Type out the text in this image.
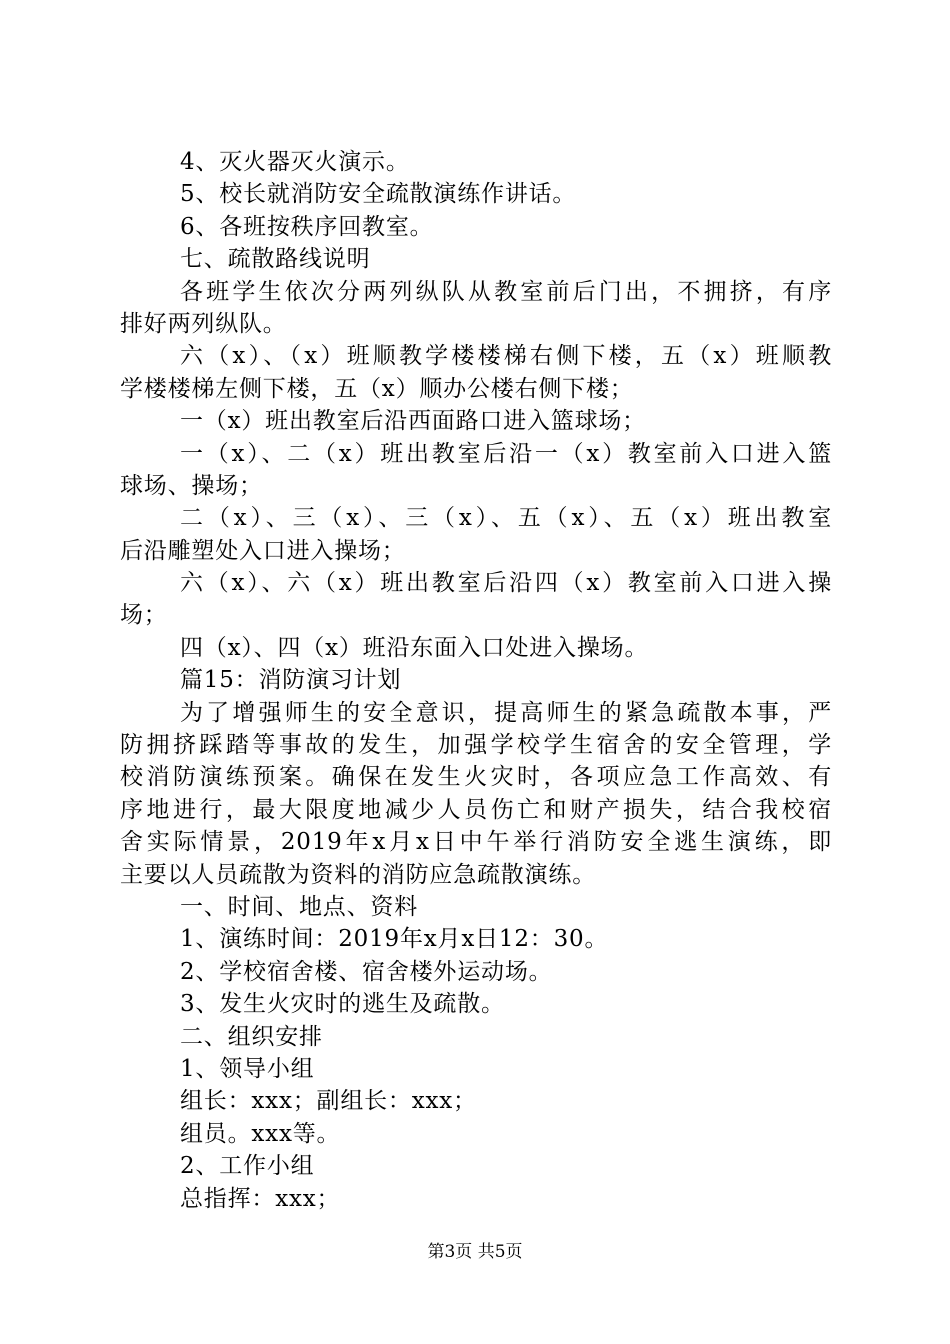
4、灭火器灭火演示。
5、校长就消防安全疏散演练作讲话。
6、各班按秩序回教室。
七、疏散路线说明
各班学生依次分两列纵队从教室前后门出，不拥挤，有序
排好两列纵队。
六（x）、（x）班顺教学楼楼梯右侧下楼，五（x）班顺教
学楼楼梯左侧下楼，五（x）顺办公楼右侧下楼；
一（x）班出教室后沿西面路口进入篮球场；
一（x）、二（x）班出教室后沿一（x）教室前入口进入篮
球场、操场；
二（x）、三（x）、三（x）、五（x）、五（x）班出教室
后沿雕塑处入口进入操场；
六（x）、六（x）班出教室后沿四（x）教室前入口进入操
场；
四（x）、四（x）班沿东面入口处进入操场。
篇15：消防演习计划
为了增强师生的安全意识，提高师生的紧急疏散本事，严
防拥挤踩踏等事故的发生，加强学校学生宿舍的安全管理，学
校消防演练预案。确保在发生火灾时，各项应急工作高效、有
序地进行，最大限度地减少人员伤亡和财产损失，结合我校宿
舍实际情景，2019年x月x日中午举行消防安全逃生演练，即
主要以人员疏散为资料的消防应急疏散演练。
一、时间、地点、资料
1、演练时间：2019年x月x日12：30。
2、学校宿舍楼、宿舍楼外运动场。
3、发生火灾时的逃生及疏散。
二、组织安排
1、领导小组
组长：xxx；副组长：xxx；
组员。xxx等。
2、工作小组
总指挥：xxx；
第3页 共5页
